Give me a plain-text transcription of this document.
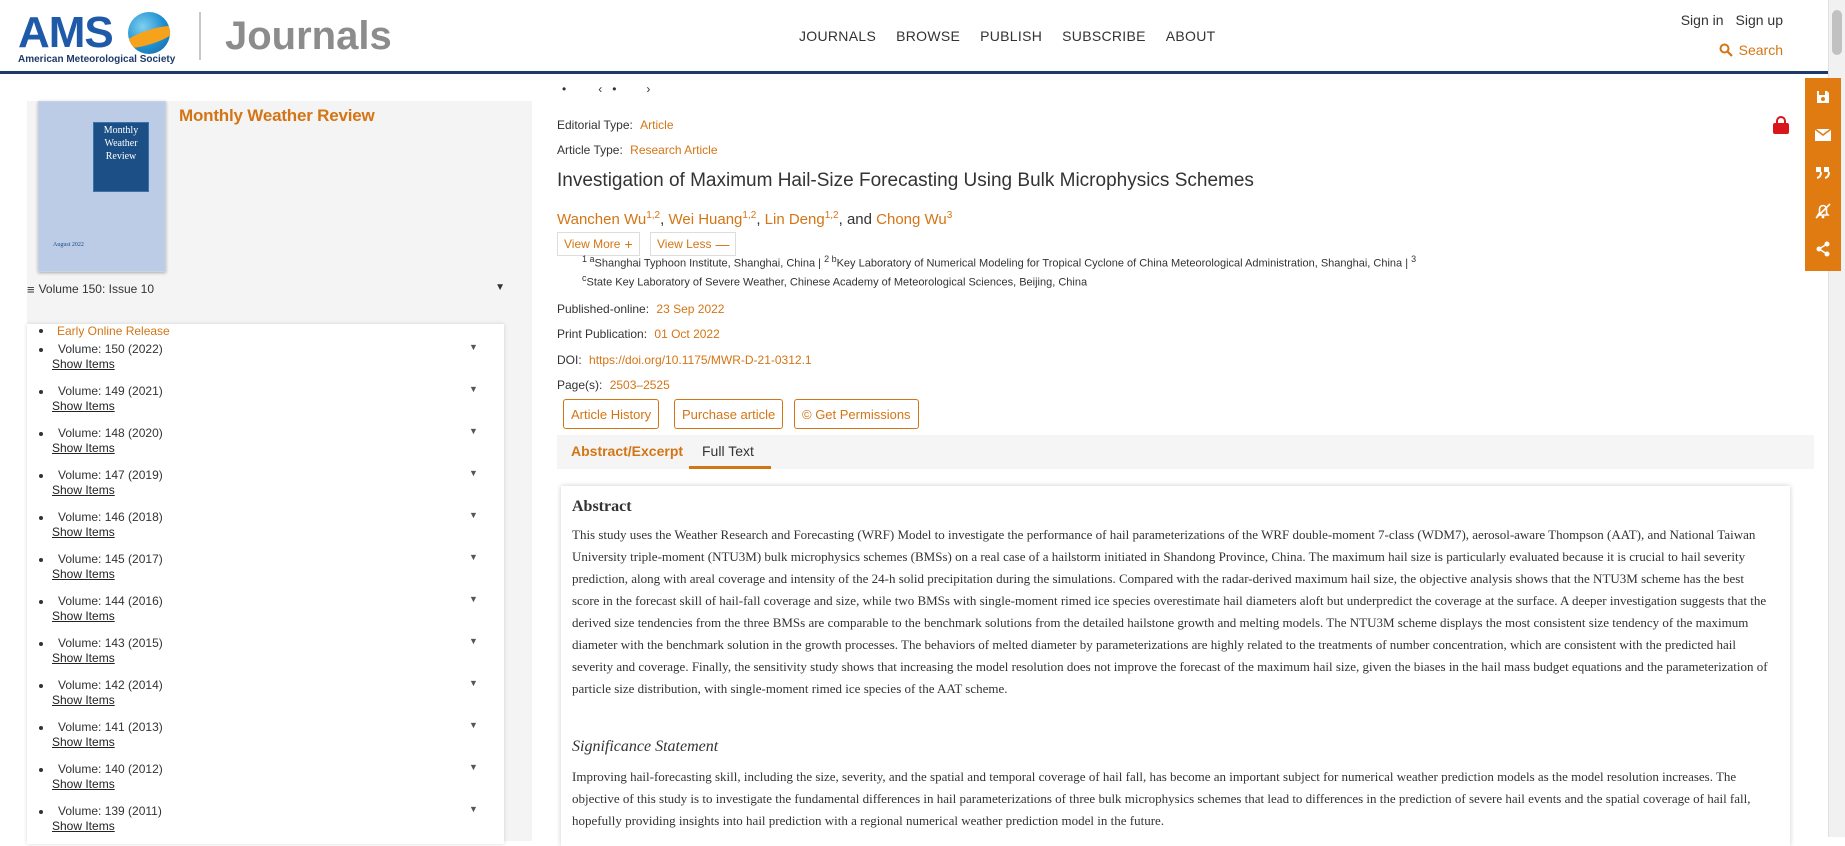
AMS
American Meteorological Society
Journals	JOURNALS BROWSE PUBLISH SUBSCRIBE ABOUT
Sign in Sign up
Search
Monthly Weather Review
August 2022
Monthly Weather Review
≡ Volume 150: Issue 10	▼
Early Online Release
Volume: 150 (2022)	▼
Show Items
Volume: 149 (2021)	▼
Show Items
Volume: 148 (2020)	▼
Show Items
Volume: 147 (2019)	▼
Show Items
Volume: 146 (2018)	▼
Show Items
Volume: 145 (2017)	▼
Show Items
Volume: 144 (2016)	▼
Show Items
Volume: 143 (2015)	▼
Show Items
Volume: 142 (2014)	▼
Show Items
Volume: 141 (2013)	▼
Show Items
Volume: 140 (2012)	▼
Show Items
Volume: 139 (2011)	▼
Show Items
•	‹ •	›
Editorial Type: Article
Article Type: Research Article
Investigation of Maximum Hail-Size Forecasting Using Bulk Microphysics Schemes
Wanchen Wu$^{1,2}$, Wei Huang$^{1,2}$, Lin Deng$^{1,2}$, and Chong Wu$^3$
View More + View Less —
$^{1 a}$Shanghai Typhoon Institute, Shanghai, China | $^{2 b}$Key Laboratory of Numerical Modeling for Tropical Cyclone of China Meteorological Administration, Shanghai, China | $^3$
$^c$State Key Laboratory of Severe Weather, Chinese Academy of Meteorological Sciences, Beijing, China
Published-online: 23 Sep 2022
Print Publication: 01 Oct 2022
DOI: https://doi.org/10.1175/MWR-D-21-0312.1
Page(s): 2503–2525
Article History	Purchase article	© Get Permissions
Abstract/Excerpt Full Text
Abstract
This study uses the Weather Research and Forecasting (WRF) Model to investigate the performance of hail parameterizations of the WRF double-moment 7-class (WDM7), aerosol-aware Thompson (AAT), and National Taiwan University triple-moment (NTU3M) bulk microphysics schemes (BMSs) on a real case of a hailstorm initiated in Shandong Province, China. The maximum hail size is particularly evaluated because it is crucial to hail severity prediction, along with areal coverage and intensity of the 24-h solid precipitation during the simulations. Compared with the radar-derived maximum hail size, the objective analysis shows that the NTU3M scheme has the best score in the forecast skill of hail-fall coverage and size, while two BMSs with single-moment rimed ice species overestimate hail diameters aloft but underpredict the coverage at the surface. A deeper investigation suggests that the derived size tendencies from the three BMSs are comparable to the benchmark solutions from the detailed hailstone growth and melting models. The NTU3M scheme displays the most consistent size tendency of the maximum diameter with the benchmark solution in the growth processes. The behaviors of melted diameter by parameterizations are highly related to the treatments of number concentration, which are consistent with the predicted hail severity and coverage. Finally, the sensitivity study shows that increasing the model resolution does not improve the forecast of the maximum hail size, given the biases in the hail mass budget equations and the parameterization of particle size distribution, with single-moment rimed ice species of the AAT scheme.
Significance Statement
Improving hail-forecasting skill, including the size, severity, and the spatial and temporal coverage of hail fall, has become an important subject for numerical weather prediction models as the model resolution increases. The objective of this study is to investigate the fundamental differences in hail parameterizations of three bulk microphysics schemes that lead to differences in the prediction of severe hail events and the spatial coverage of hail fall, hopefully providing insights into hail prediction with a regional numerical weather prediction model in the future.
